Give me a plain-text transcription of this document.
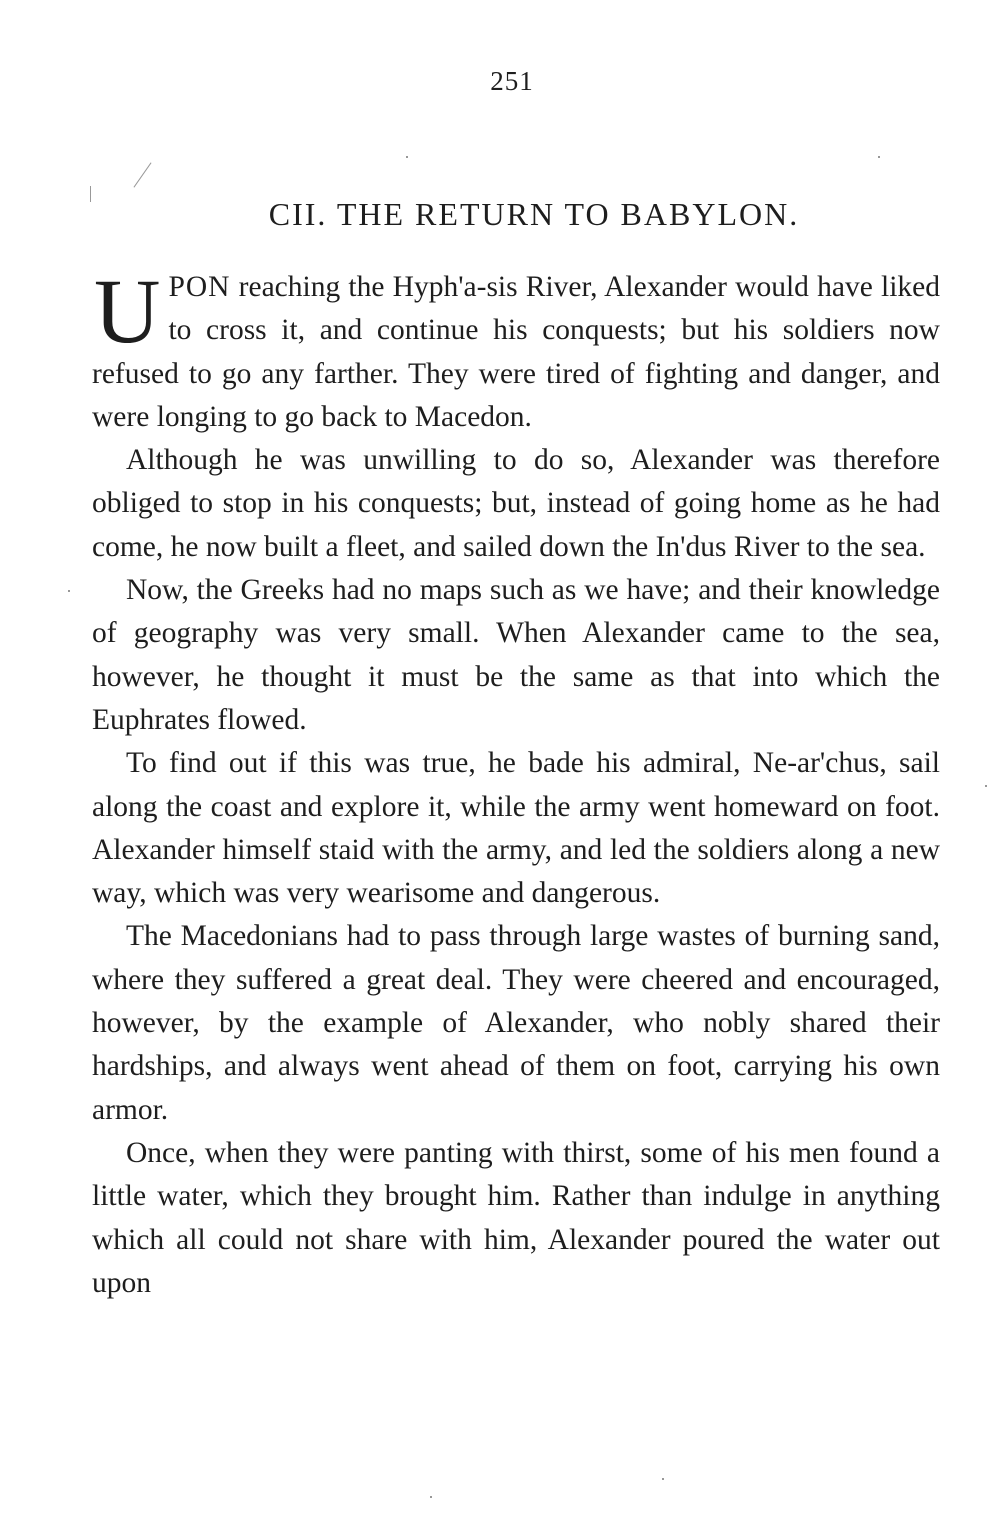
251
CII. THE RETURN TO BABYLON.

UPON reaching the Hyph'a-sis River, Alexander would have liked to cross it, and continue his conquests; but his soldiers now refused to go any farther. They were tired of fighting and danger, and were longing to go back to Macedon.

Although he was unwilling to do so, Alexander was therefore obliged to stop in his conquests; but, instead of going home as he had come, he now built a fleet, and sailed down the In'dus River to the sea.

Now, the Greeks had no maps such as we have; and their knowledge of geography was very small. When Alexander came to the sea, however, he thought it must be the same as that into which the Euphrates flowed.

To find out if this was true, he bade his admiral, Ne-ar'chus, sail along the coast and explore it, while the army went homeward on foot. Alexander himself staid with the army, and led the soldiers along a new way, which was very wearisome and dangerous.

The Macedonians had to pass through large wastes of burning sand, where they suffered a great deal. They were cheered and encouraged, however, by the example of Alexander, who nobly shared their hardships, and always went ahead of them on foot, carrying his own armor.

Once, when they were panting with thirst, some of his men found a little water, which they brought him. Rather than indulge in anything which all could not share with him, Alexander poured the water out upon
